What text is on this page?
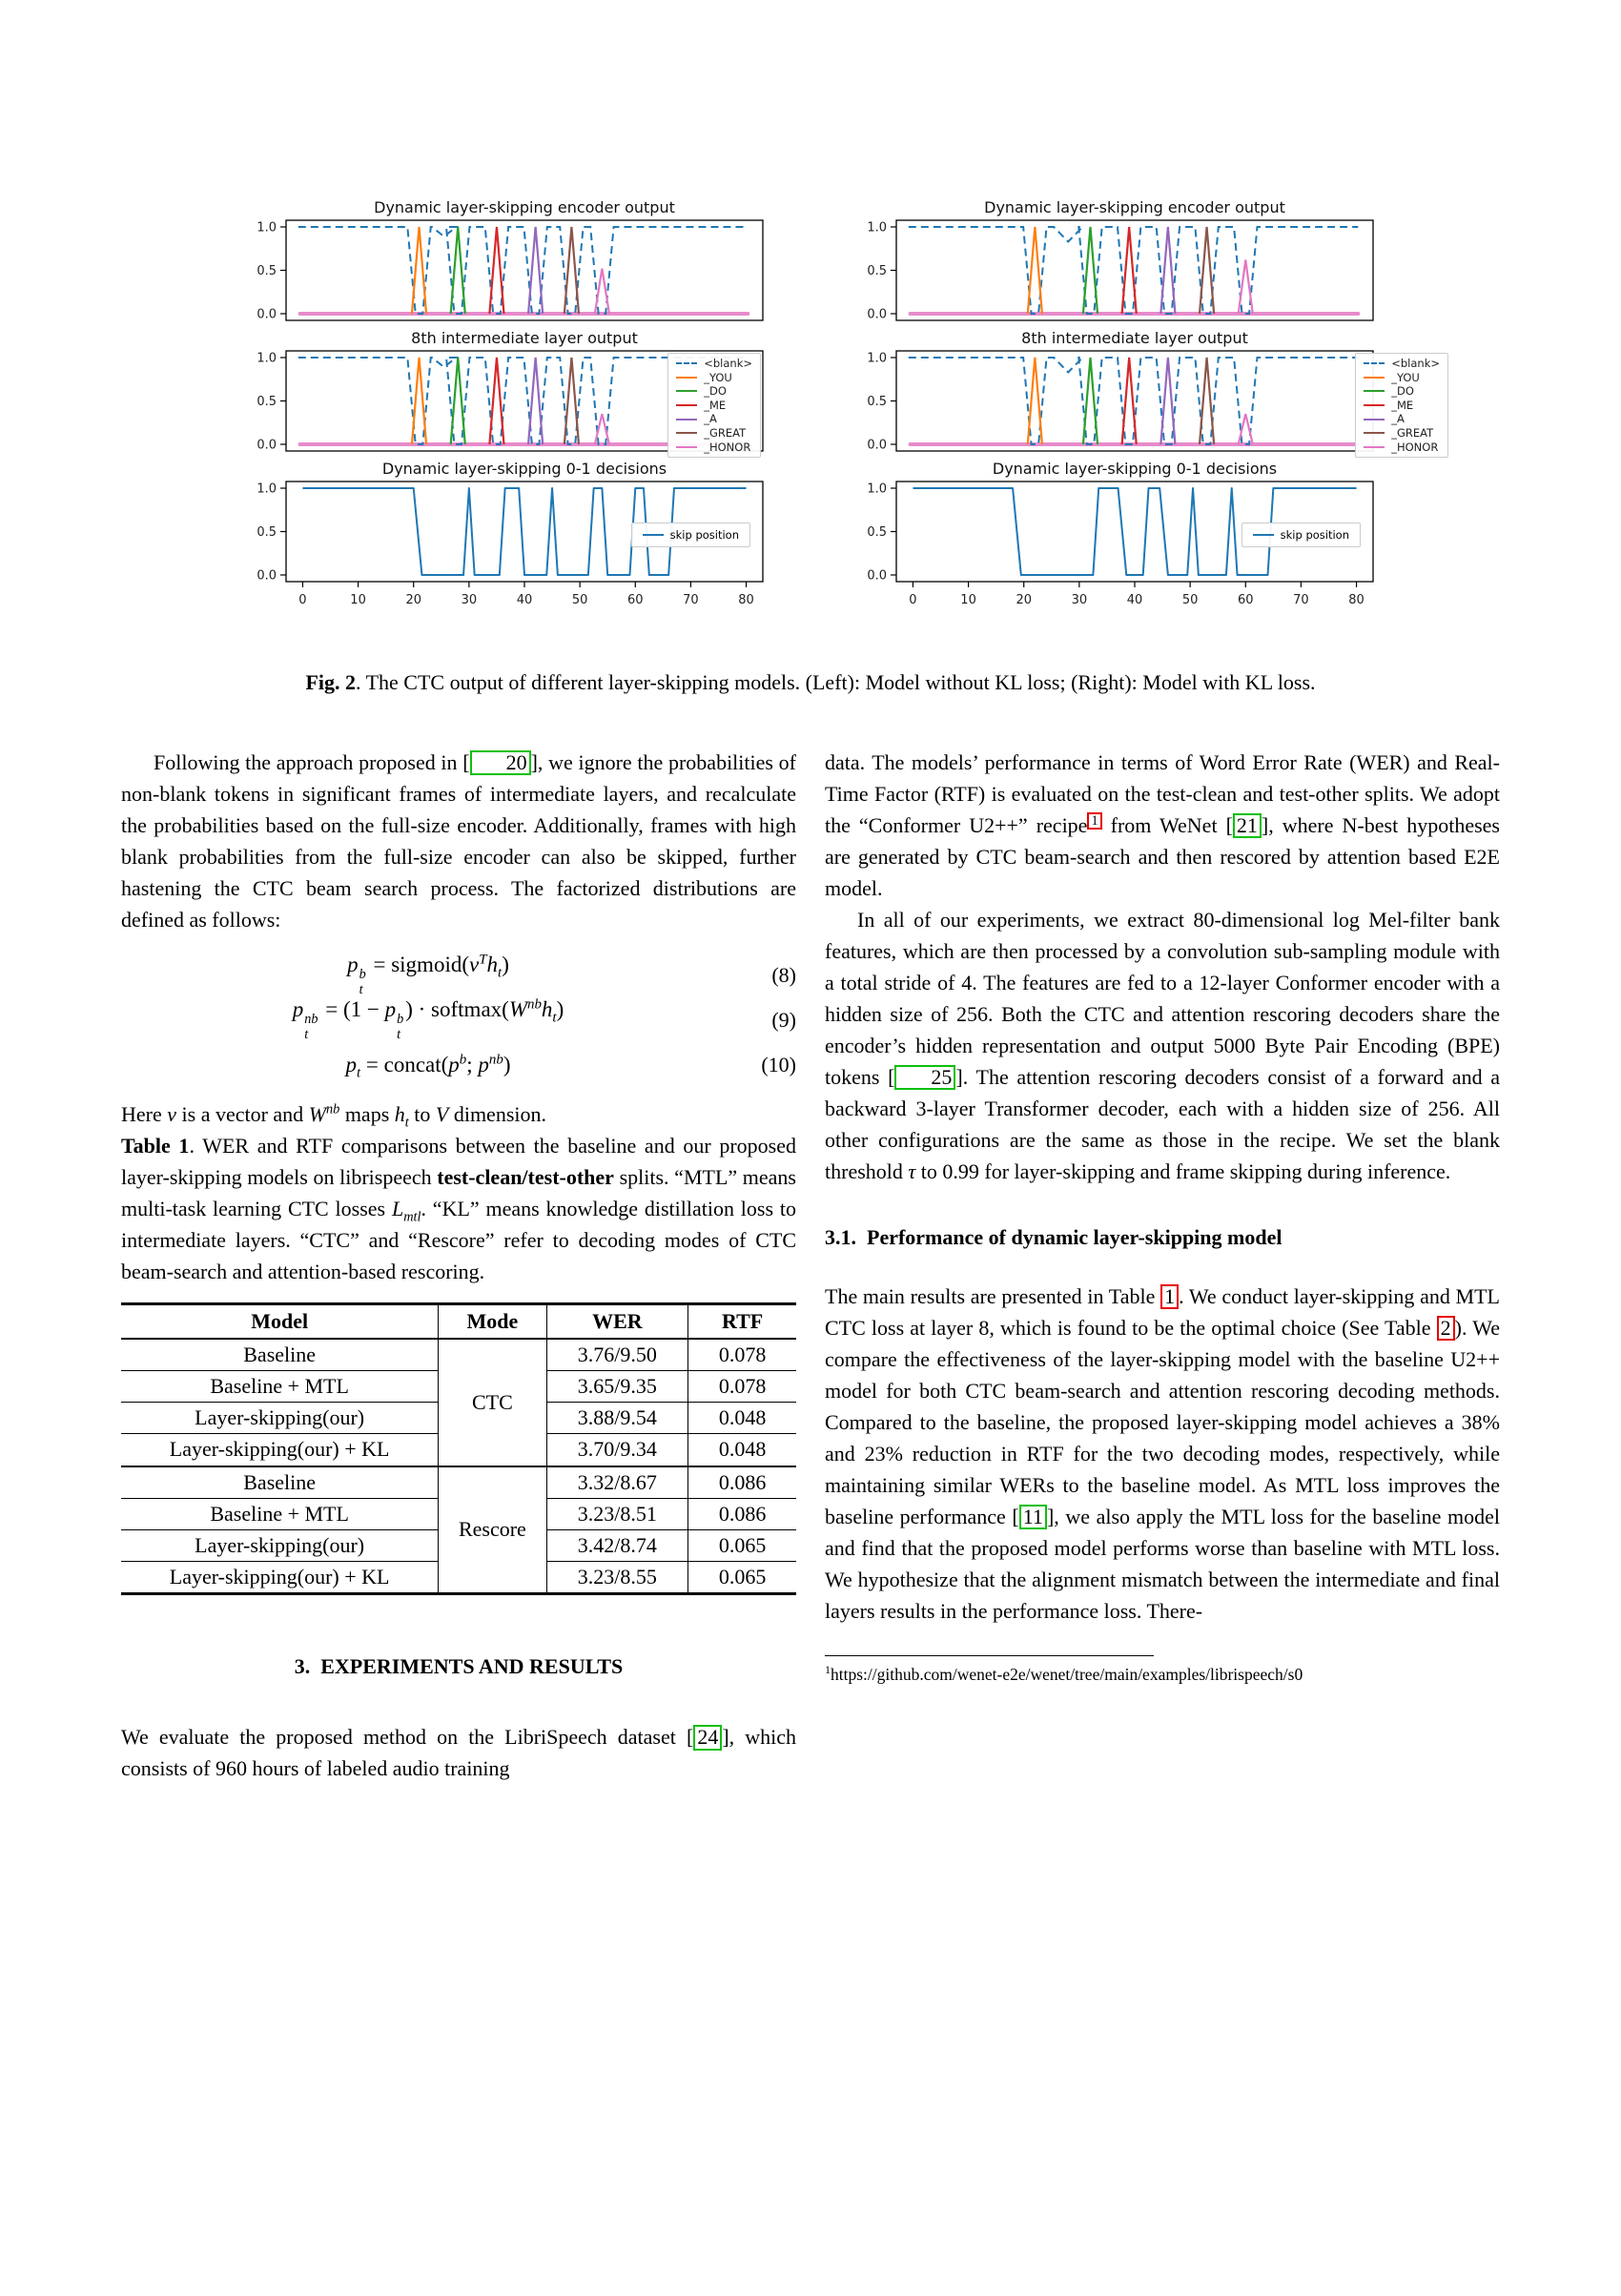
Dynamic layer-skipping encoder output
1.0
0.5
0.0
8th intermediate layer output
1.0
0.5
0.0
<blank>
_YOU
_DO
_ME
_A
_GREAT
_HONOR
Dynamic layer-skipping 0-1 decisions
1.0
0.5
0.0
0	10	20	30	40	50	60	70	80
skip position
Dynamic layer-skipping encoder output
1.0
0.5
0.0
8th intermediate layer output
1.0
0.5
0.0
<blank>
_YOU
_DO
_ME
_A
_GREAT
_HONOR
Dynamic layer-skipping 0-1 decisions
1.0
0.5
0.0
0	10	20	30	40	50	60	70	80
skip position
Fig. 2. The CTC output of different layer-skipping models. (Left): Model without KL loss; (Right): Model with KL loss.

Following the approach proposed in [ 20 ], we ignore the probabilities of non-blank tokens in significant frames of intermediate layers, and recalculate the probabilities based on the full-size encoder. Additionally, frames with high blank probabilities from the full-size encoder can also be skipped, further hastening the CTC beam search process. The factorized distributions are defined as follows:

p b
t
= $sigmoid(v^Th_t)$	(8)
p nb
t
= (1 − p b
t
) · $softmax(W^{nb}h_t)$	(9)
$p_t$ = $concat(p^b$; $p^{nb}$)	(10)

Here v is a vector and $W^{nb}$ maps $h_t$ to V dimension.

Table 1. WER and RTF comparisons between the baseline and our proposed layer-skipping models on librispeech test-clean/test-other splits. “MTL” means multi-task learning CTC losses $L_{mtl}$. “KL” means knowledge distillation loss to intermediate layers. “CTC” and “Rescore” refer to decoding modes of CTC beam-search and attention-based rescoring.

Model	Mode	WER	RTF
Baseline	CTC	3.76/9.50	0.078
Baseline + MTL		3.65/9.35	0.078
Layer-skipping(our)		3.88/9.54	0.048
Layer-skipping(our) + KL		3.70/9.34	0.048
Baseline	Rescore	3.32/8.67	0.086
Baseline + MTL		3.23/8.51	0.086
Layer-skipping(our)		3.42/8.74	0.065
Layer-skipping(our) + KL		3.23/8.55	0.065
3.  EXPERIMENTS AND RESULTS

We evaluate the proposed method on the LibriSpeech dataset [ 24 ], which consists of 960 hours of labeled audio training

data. The models’ performance in terms of Word Error Rate (WER) and Real-Time Factor (RTF) is evaluated on the test-clean and test-other splits. We adopt the “Conformer U2++” recipe $^1$ from WeNet [ 21 ], where N-best hypotheses are generated by CTC beam-search and then rescored by attention based E2E model.

In all of our experiments, we extract 80-dimensional log Mel-filter bank features, which are then processed by a convolution sub-sampling module with a total stride of 4. The features are fed to a 12-layer Conformer encoder with a hidden size of 256. Both the CTC and attention rescoring decoders share the encoder’s hidden representation and output 5000 Byte Pair Encoding (BPE) tokens [ 25 ]. The attention rescoring decoders consist of a forward and a backward 3-layer Transformer decoder, each with a hidden size of 256. All other configurations are the same as those in the recipe. We set the blank threshold τ to 0.99 for layer-skipping and frame skipping during inference.

3.1.  Performance of dynamic layer-skipping model

The main results are presented in Table 1 . We conduct layer-skipping and MTL CTC loss at layer 8, which is found to be the optimal choice (See Table 2 ). We compare the effectiveness of the layer-skipping model with the baseline U2++ model for both CTC beam-search and attention rescoring decoding methods. Compared to the baseline, the proposed layer-skipping model achieves a 38% and 23% reduction in RTF for the two decoding modes, respectively, while maintaining similar WERs to the baseline model. As MTL loss improves the baseline performance [ 11 ], we also apply the MTL loss for the baseline model and find that the proposed model performs worse than baseline with MTL loss. We hypothesize that the alignment mismatch between the intermediate and final layers results in the performance loss. There-

$^1$https://github.com/wenet-e2e/wenet/tree/main/examples/librispeech/s0
